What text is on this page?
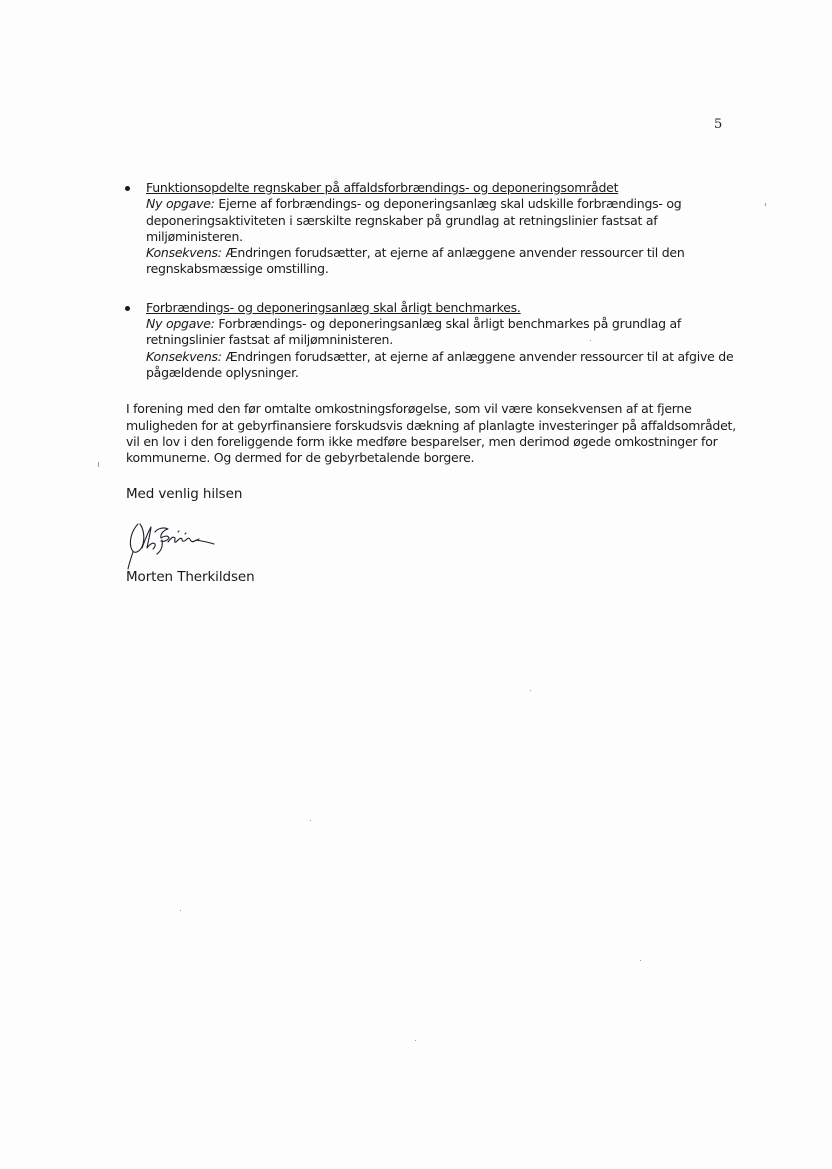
5
Funktionsopdelte regnskaber på affaldsforbrændings- og deponeringsområdet
Ny opgave: Ejerne af forbrændings- og deponeringsanlæg skal udskille forbrændings- og deponeringsaktiviteten i særskilte regnskaber på grundlag at retningslinier fastsat af miljøministeren.
Konsekvens: Ændringen forudsætter, at ejerne af anlæggene anvender ressourcer til den regnskabsmæssige omstilling.
Forbrændings- og deponeringsanlæg skal årligt benchmarkes.
Ny opgave: Forbrændings- og deponeringsanlæg skal årligt benchmarkes på grundlag af retningslinier fastsat af miljømninisteren.
Konsekvens: Ændringen forudsætter, at ejerne af anlæggene anvender ressourcer til at afgive de pågældende oplysninger.
I forening med den før omtalte omkostningsforøgelse, som vil være konsekvensen af at fjerne muligheden for at gebyrfinansiere forskudsvis dækning af planlagte investeringer på affaldsområdet, vil en lov i den foreliggende form ikke medføre besparelser, men derimod øgede omkostninger for kommunerne. Og dermed for de gebyrbetalende borgere.
Med venlig hilsen
Morten Therkildsen
